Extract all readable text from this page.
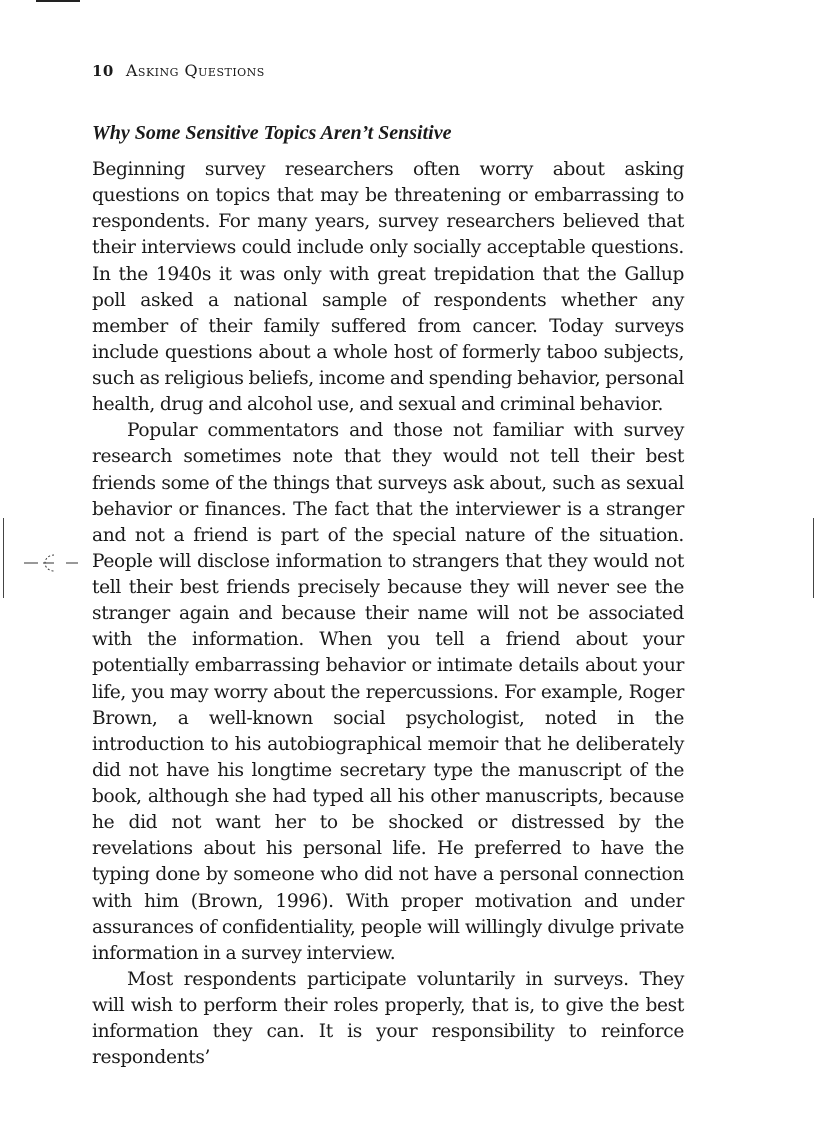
10 Asking Questions
Why Some Sensitive Topics Aren’t Sensitive

Beginning survey researchers often worry about asking questions on topics that may be threatening or embarrassing to respondents. For many years, survey researchers believed that their interviews could include only socially acceptable questions. In the 1940s it was only with great trepidation that the Gallup poll asked a national sample of respondents whether any member of their family suffered from cancer. Today surveys include questions about a whole host of formerly taboo subjects, such as religious beliefs, income and spending behavior, personal health, drug and alcohol use, and sexual and criminal behavior.

Popular commentators and those not familiar with survey research sometimes note that they would not tell their best friends some of the things that surveys ask about, such as sexual behavior or finances. The fact that the interviewer is a stranger and not a friend is part of the special nature of the situation. People will disclose information to strangers that they would not tell their best friends precisely because they will never see the stranger again and because their name will not be associated with the information. When you tell a friend about your potentially embarrassing behavior or intimate details about your life, you may worry about the repercussions. For example, Roger Brown, a well-known social psychologist, noted in the introduction to his autobiographical memoir that he deliberately did not have his longtime secretary type the manuscript of the book, although she had typed all his other manuscripts, because he did not want her to be shocked or distressed by the revelations about his personal life. He preferred to have the typing done by someone who did not have a personal connection with him (Brown, 1996). With proper motivation and under assurances of confidentiality, people will willingly divulge private information in a survey interview.

Most respondents participate voluntarily in surveys. They will wish to perform their roles properly, that is, to give the best information they can. It is your responsibility to reinforce respondents’
